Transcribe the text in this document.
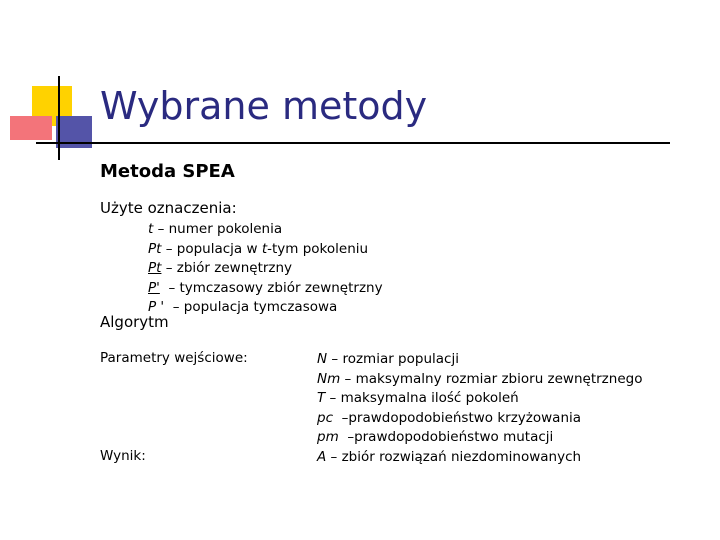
Wybrane metody
Metoda SPEA
Użyte oznaczenia:
t – numer pokolenia
Pt – populacja w t-tym pokoleniu
Pt – zbiór zewnętrzny
P'  – tymczasowy zbiór zewnętrzny
P '  – populacja tymczasowa
Algorytm
Parametry wejściowe:
Wynik:
N – rozmiar populacji
Nm – maksymalny rozmiar zbioru zewnętrznego
T – maksymalna ilość pokoleń
pc  –prawdopodobieństwo krzyżowania
pm  –prawdopodobieństwo mutacji
A – zbiór rozwiązań niezdominowanych
